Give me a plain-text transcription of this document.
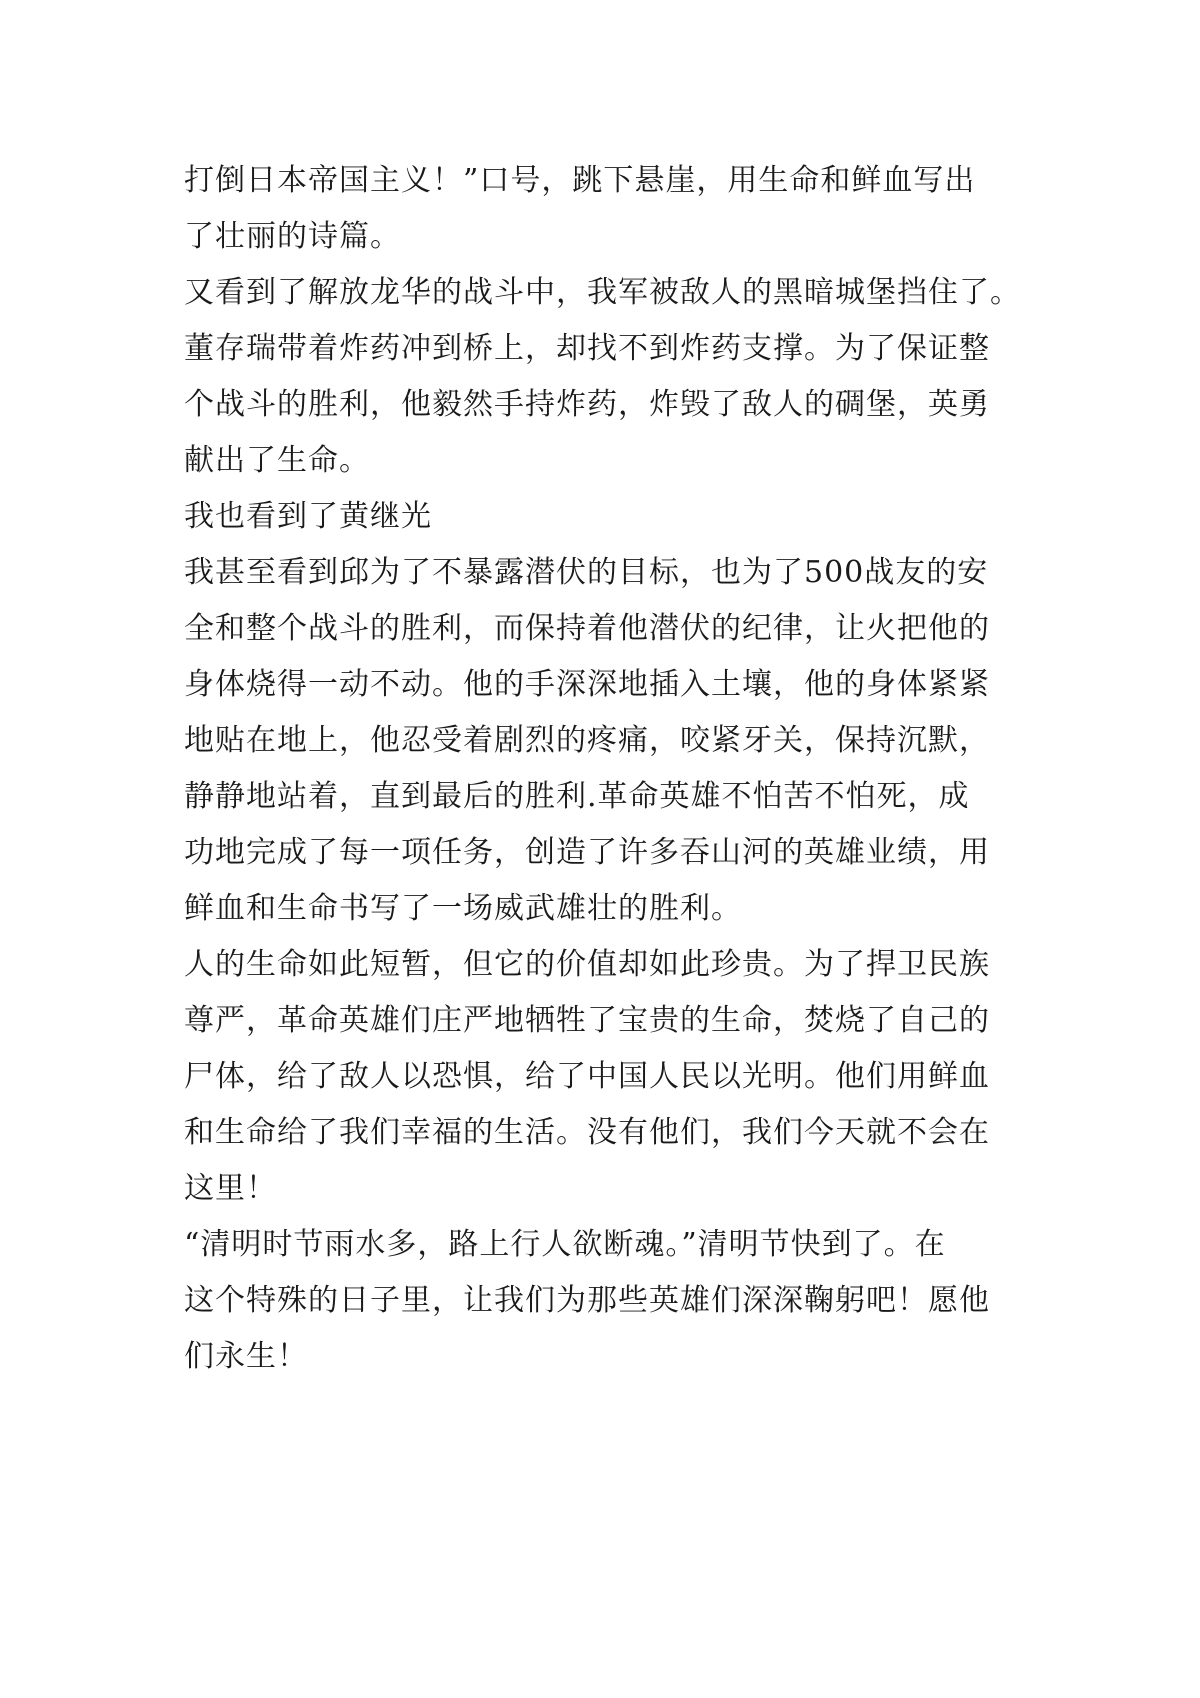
打倒日本帝国主义！”口号，跳下悬崖，用生命和鲜血写出
了壮丽的诗篇。
又看到了解放龙华的战斗中，我军被敌人的黑暗城堡挡住了。
董存瑞带着炸药冲到桥上，却找不到炸药支撑。为了保证整
个战斗的胜利，他毅然手持炸药，炸毁了敌人的碉堡，英勇
献出了生命。
我也看到了黄继光
我甚至看到邱为了不暴露潜伏的目标，也为了500战友的安
全和整个战斗的胜利，而保持着他潜伏的纪律，让火把他的
身体烧得一动不动。他的手深深地插入土壤，他的身体紧紧
地贴在地上，他忍受着剧烈的疼痛，咬紧牙关，保持沉默，
静静地站着，直到最后的胜利.革命英雄不怕苦不怕死，成
功地完成了每一项任务，创造了许多吞山河的英雄业绩，用
鲜血和生命书写了一场威武雄壮的胜利。
人的生命如此短暂，但它的价值却如此珍贵。为了捍卫民族
尊严，革命英雄们庄严地牺牲了宝贵的生命，焚烧了自己的
尸体，给了敌人以恐惧，给了中国人民以光明。他们用鲜血
和生命给了我们幸福的生活。没有他们，我们今天就不会在
这里！
“清明时节雨水多，路上行人欲断魂。”清明节快到了。在
这个特殊的日子里，让我们为那些英雄们深深鞠躬吧！愿他
们永生！
